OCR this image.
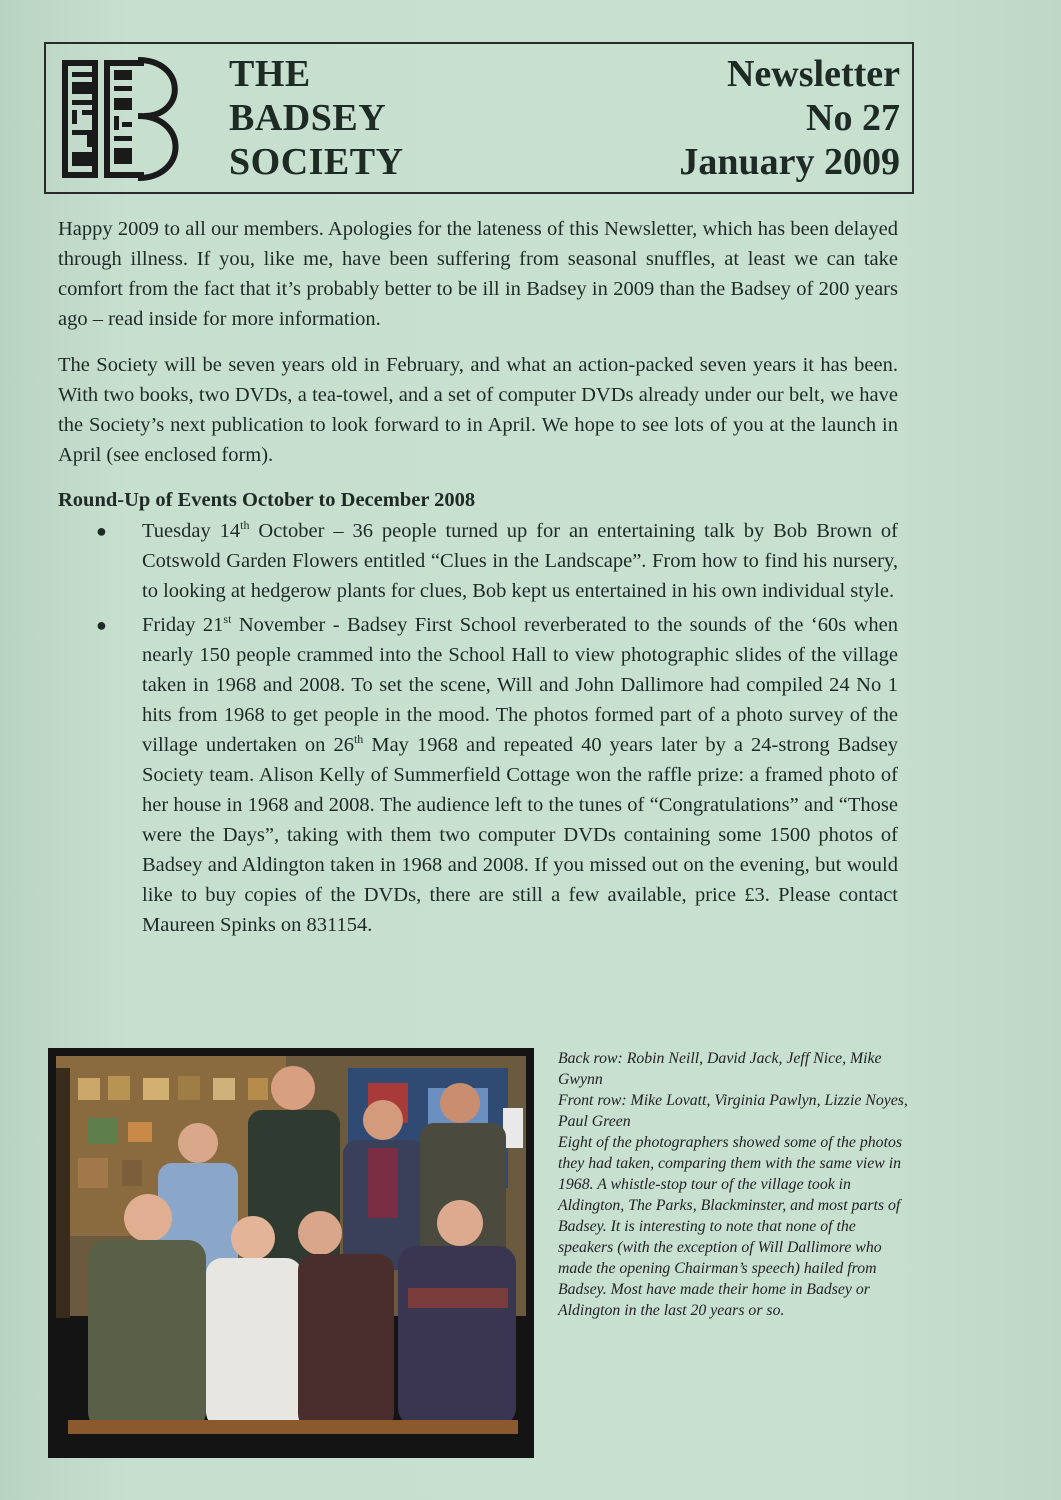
THE
BADSEY
SOCIETY
Newsletter
No 27
January 2009

Happy 2009 to all our members. Apologies for the lateness of this Newsletter, which has been delayed through illness. If you, like me, have been suffering from seasonal snuffles, at least we can take comfort from the fact that it’s probably better to be ill in Badsey in 2009 than the Badsey of 200 years ago – read inside for more information.

The Society will be seven years old in February, and what an action-packed seven years it has been. With two books, two DVDs, a tea-towel, and a set of computer DVDs already under our belt, we have the Society’s next publication to look forward to in April. We hope to see lots of you at the launch in April (see enclosed form).

Round-Up of Events October to December 2008
● Tuesday 14th October – 36 people turned up for an entertaining talk by Bob Brown of Cotswold Garden Flowers entitled “Clues in the Landscape”. From how to find his nursery, to looking at hedgerow plants for clues, Bob kept us entertained in his own individual style.
● Friday 21st November - Badsey First School reverberated to the sounds of the ‘60s when nearly 150 people crammed into the School Hall to view photographic slides of the village taken in 1968 and 2008. To set the scene, Will and John Dallimore had compiled 24 No 1 hits from 1968 to get people in the mood. The photos formed part of a photo survey of the village undertaken on 26th May 1968 and repeated 40 years later by a 24-strong Badsey Society team. Alison Kelly of Summerfield Cottage won the raffle prize: a framed photo of her house in 1968 and 2008. The audience left to the tunes of “Congratulations” and “Those were the Days”, taking with them two computer DVDs containing some 1500 photos of Badsey and Aldington taken in 1968 and 2008. If you missed out on the evening, but would like to buy copies of the DVDs, there are still a few available, price £3. Please contact Maureen Spinks on 831154.
Back row: Robin Neill, David Jack, Jeff Nice, Mike Gwynn
Front row: Mike Lovatt, Virginia Pawlyn, Lizzie Noyes, Paul Green
Eight of the photographers showed some of the photos they had taken, comparing them with the same view in 1968. A whistle-stop tour of the village took in Aldington, The Parks, Blackminster, and most parts of Badsey. It is interesting to note that none of the speakers (with the exception of Will Dallimore who made the opening Chairman’s speech) hailed from Badsey. Most have made their home in Badsey or Aldington in the last 20 years or so.
